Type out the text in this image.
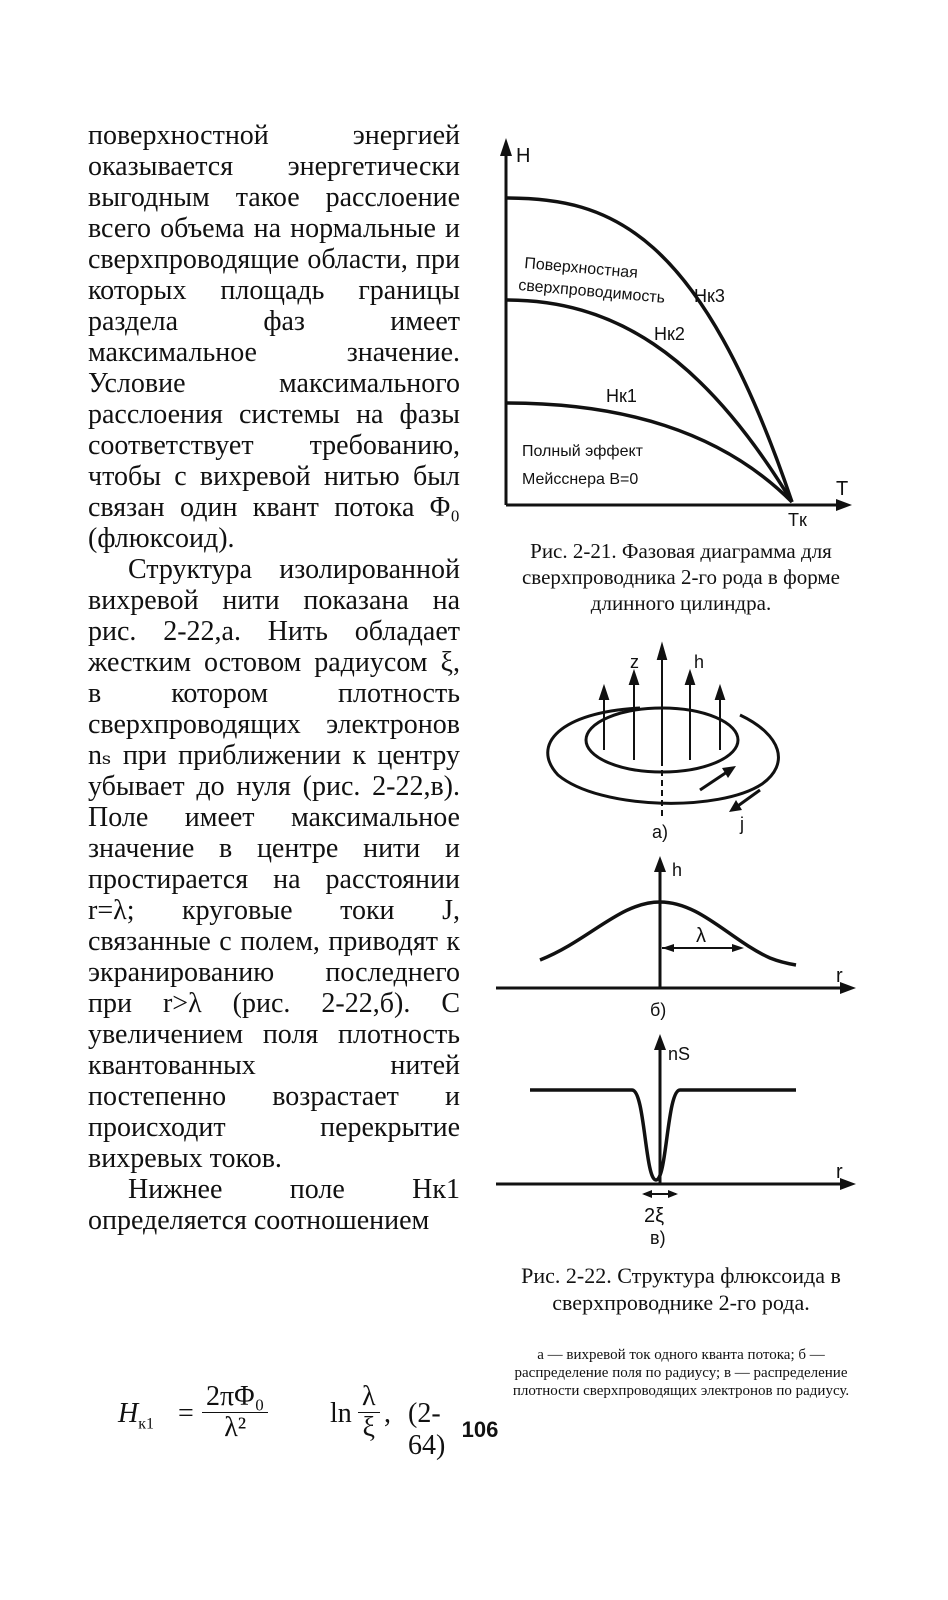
поверхностной энергией оказывается энергетически выгодным такое расслоение всего объема на нормальные и сверхпроводящие области, при которых площадь границы раздела фаз имеет максимальное значение. Условие максимального расслоения системы на фазы соответствует требованию, чтобы с вихревой нитью был связан один квант потока Φ₀ (флюксоид).

Структура изолированной вихревой нити показана на рис. 2-22,а. Нить обладает жестким остовом радиусом ξ, в котором плотность сверхпроводящих электронов nₛ при приближении к центру убывает до нуля (рис. 2-22,в). Поле имеет максимальное значение в центре нити и простирается на расстоянии r=λ; круговые токи J, связанные с полем, приводят к экранированию последнего при r>λ (рис. 2-22,б). С увеличением поля плотность квантованных нитей постепенно возрастает и происходит перекрытие вихревых токов.

Нижнее поле Hк1 определяется соотношением

$H_{к1} = \frac{\text{2πΦ₀}}{\text{λ²}}$ $\ln \frac{\lambda}{\xi}$ , (2-64)
H
T
Tк
Hк3
Hк2
Hк1
Поверхностная
сверхпроводимость
Полный эффект
Мейсснера B=0
z	h
j
а)
h
λ
r
б)
nS
r
2ξ
в)
Рис. 2-21. Фазовая диаграмма для сверхпроводника 2-го рода в форме длинного цилиндра.
Рис. 2-22. Структура флюксоида в сверхпроводнике 2-го рода.
а — вихревой ток одного кванта потока; б — распределение поля по радиусу; в — распределение плотности сверхпроводящих электронов по радиусу.
106
